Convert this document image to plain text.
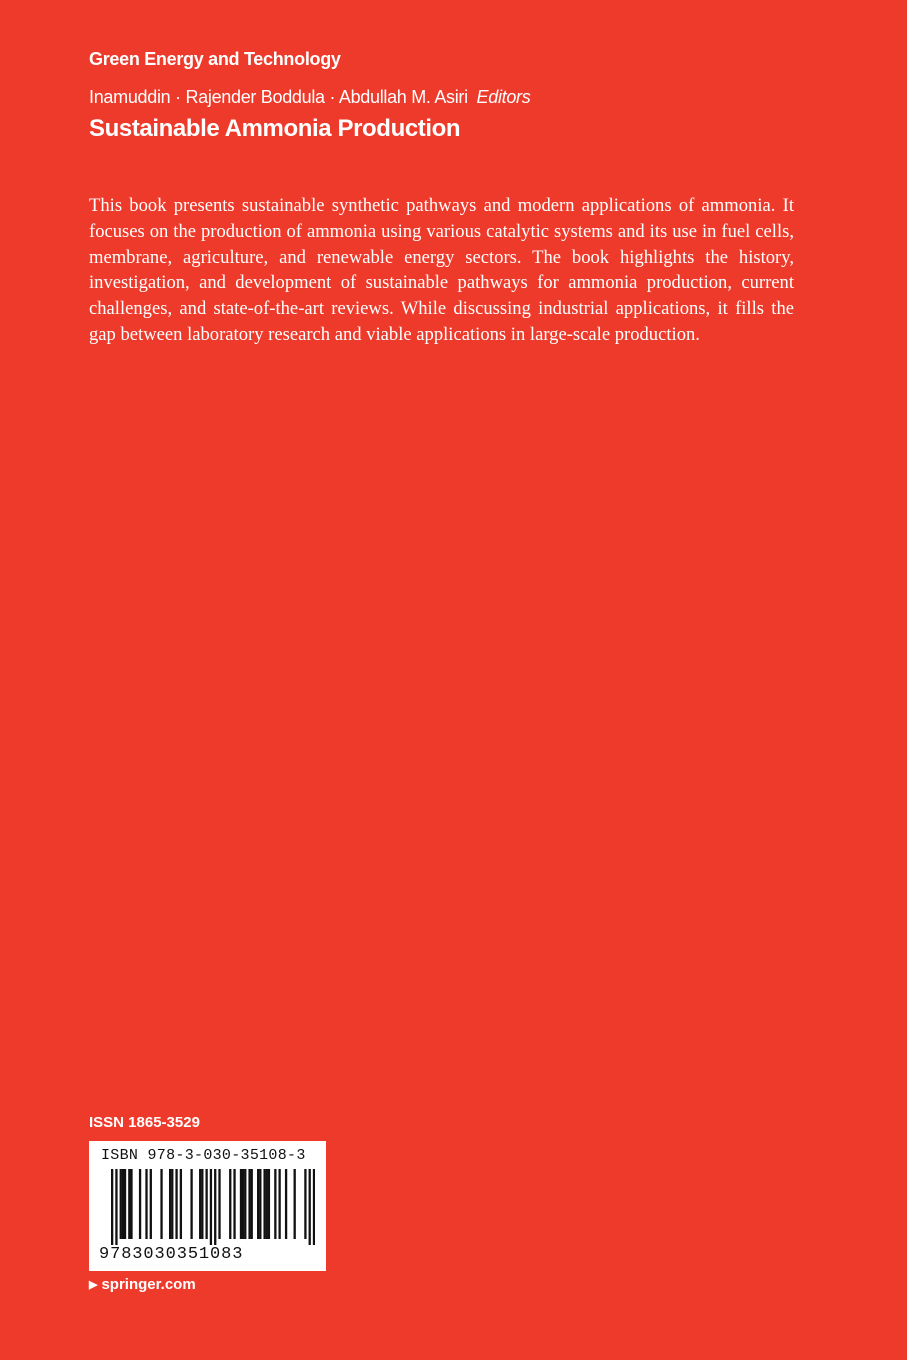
Green Energy and Technology
Inamuddin · Rajender Boddula · Abdullah M. Asiri Editors
Sustainable Ammonia Production

This book presents sustainable synthetic pathways and modern applications of ammonia. It focuses on the production of ammonia using various catalytic systems and its use in fuel cells, membrane, agriculture, and renewable energy sectors. The book highlights the history, investigation, and development of sustainable pathways for ammonia production, current challenges, and state-of-the-art reviews. While discussing industrial applications, it fills the gap between laboratory research and viable applications in large-scale production.

ISSN 1865-3529
ISBN 978-3-030-35108-3
9783030351083
▶ springer.com
